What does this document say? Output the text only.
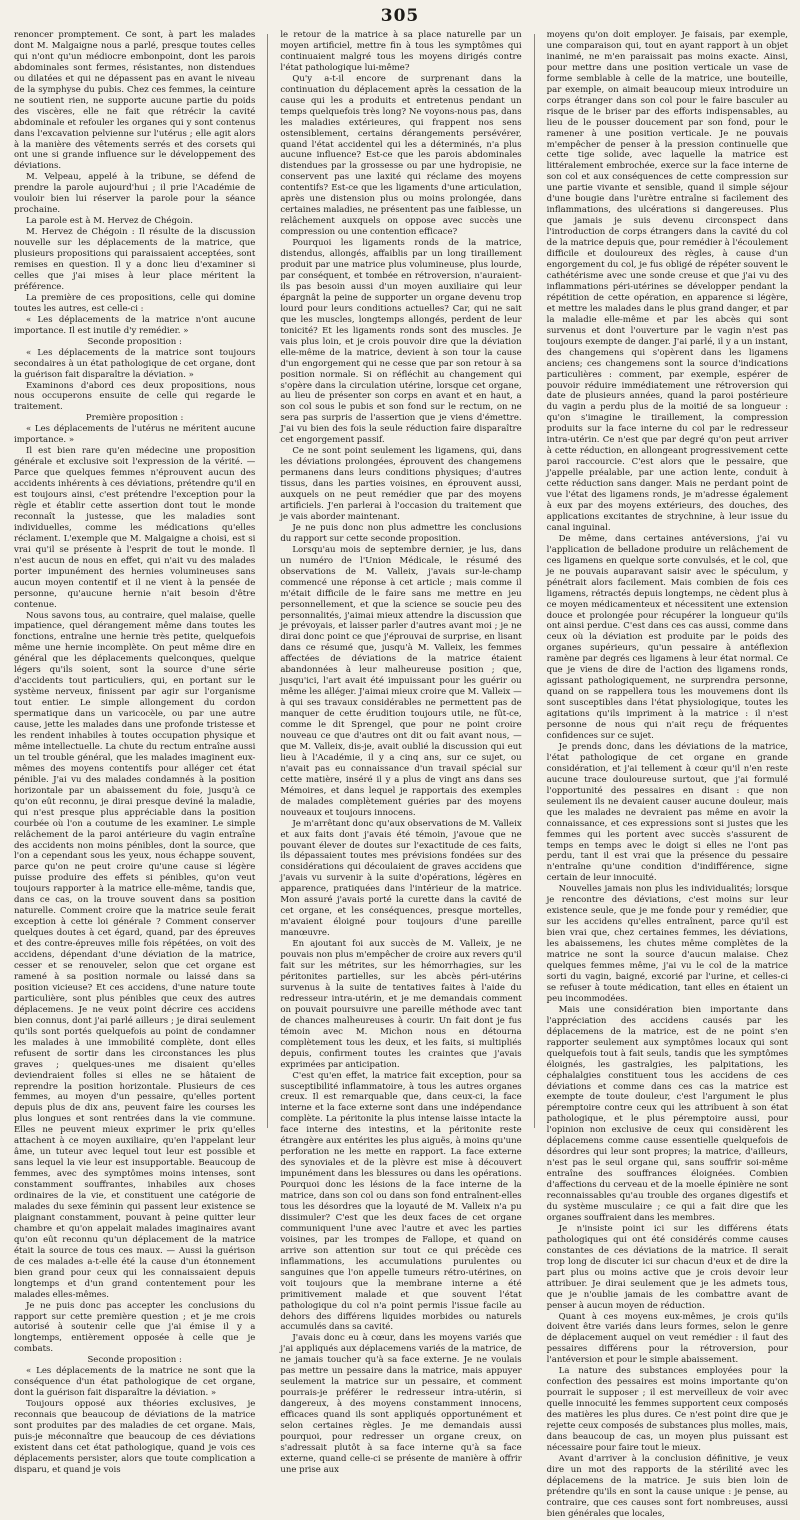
305

renoncer promptement. Ce sont, à part les malades dont M. Malgaigne nous a parlé, presque toutes celles qui n'ont qu'un médiocre embonpoint, dont les parois abdominales sont fermes, résistantes, non distendues ou dilatées et qui ne dépassent pas en avant le niveau de la symphyse du pubis. Chez ces femmes, la ceinture ne soutient rien, ne supporte aucune partie du poids des viscères, elle ne fait que rétrécir la cavité abdominale et refouler les organes qui y sont contenus dans l'excavation pelvienne sur l'utérus ; elle agit alors à la manière des vêtements serrés et des corsets qui ont une si grande influence sur le développement des déviations.

M. Velpeau, appelé à la tribune, se défend de prendre la parole aujourd'hui ; il prie l'Académie de vouloir bien lui réserver la parole pour la séance prochaine.

La parole est à M. Hervez de Chégoin.

M. Hervez de Chégoin : Il résulte de la discussion nouvelle sur les déplacements de la matrice, que plusieurs propositions qui paraissaient acceptées, sont remises en question. Il y a donc lieu d'examiner si celles que j'ai mises à leur place méritent la préférence.

La première de ces propositions, celle qui domine toutes les autres, est celle-ci :

« Les déplacements de la matrice n'ont aucune importance. Il est inutile d'y remédier. »

Seconde proposition :

« Les déplacements de la matrice sont toujours secondaires à un état pathologique de cet organe, dont la guérison fait disparaître la déviation. »

Examinons d'abord ces deux propositions, nous nous occuperons ensuite de celle qui regarde le traitement.

Première proposition :

« Les déplacements de l'utérus ne méritent aucune importance. »

Il est bien rare qu'en médecine une proposition générale et exclusive soit l'expression de la vérité. — Parce que quelques femmes n'éprouvent aucun des accidents inhérents à ces déviations, prétendre qu'il en est toujours ainsi, c'est prétendre l'exception pour la règle et établir cette assertion dont tout le monde reconnaît la justesse, que les maladies sont individuelles, comme les médications qu'elles réclament. L'exemple que M. Malgaigne a choisi, est si vrai qu'il se présente à l'esprit de tout le monde. Il n'est aucun de nous en effet, qui n'ait vu des malades porter impunément des hernies volumineuses sans aucun moyen contentif et il ne vient à la pensée de personne, qu'aucune hernie n'ait besoin d'être contenue.

Nous savons tous, au contraire, quel malaise, quelle impatience, quel dérangement même dans toutes les fonctions, entraîne une hernie très petite, quelquefois même une hernie incomplète. On peut même dire en général que les déplacements quelconques, quelque légers qu'ils soient, sont la source d'une série d'accidents tout particuliers, qui, en portant sur le système nerveux, finissent par agir sur l'organisme tout entier. Le simple allongement du cordon spermatique dans un varicocèle, ou par une autre cause, jette les malades dans une profonde tristesse et les rendent inhabiles à toutes occupation physique et même intellectuelle. La chute du rectum entraîne aussi un tel trouble général, que les malades imaginent eux-mêmes des moyens contentifs pour alléger cet état pénible. J'ai vu des malades condamnés à la position horizontale par un abaissement du foie, jusqu'à ce qu'on eût reconnu, je dirai presque deviné la maladie, qui n'est presque plus appréciable dans la position courbée où l'on a coutume de les examiner. Le simple relâchement de la paroi antérieure du vagin entraîne des accidents non moins pénibles, dont la source, que l'on a cependant sous les yeux, nous échappe souvent, parce qu'on ne peut croire qu'une cause si légère puisse produire des effets si pénibles, qu'on veut toujours rapporter à la matrice elle-même, tandis que, dans ce cas, on la trouve souvent dans sa position naturelle. Comment croire que la matrice seule ferait exception à cette loi générale ? Comment conserver quelques doutes à cet égard, quand, par des épreuves et des contre-épreuves mille fois répétées, on voit des accidens, dépendant d'une déviation de la matrice, cesser et se renouveler, selon que cet organe est ramené à sa position normale ou laissé dans sa position vicieuse? Et ces accidens, d'une nature toute particulière, sont plus pénibles que ceux des autres déplacemens. Je ne veux point décrire ces accidens bien connus, dont j'ai parlé ailleurs ; je dirai seulement qu'ils sont portés quelquefois au point de condamner les malades à une immobilité complète, dont elles refusent de sortir dans les circonstances les plus graves ; quelques-unes me disaient qu'elles deviendraient folles si elles ne se hâtaient de reprendre la position horizontale. Plusieurs de ces femmes, au moyen d'un pessaire, qu'elles portent depuis plus de dix ans, peuvent faire les courses les plus longues et sont rentrées dans la vie commune. Elles ne peuvent mieux exprimer le prix qu'elles attachent à ce moyen auxiliaire, qu'en l'appelant leur âme, un tuteur avec lequel tout leur est possible et sans lequel la vie leur est insupportable. Beaucoup de femmes, avec des symptômes moins intenses, sont constamment souffrantes, inhabiles aux choses ordinaires de la vie, et constituent une catégorie de malades du sexe féminin qui passent leur existence se plaignant constamment, pouvant à peine quitter leur chambre et qu'on appelait malades imaginaires avant qu'on eût reconnu qu'un déplacement de la matrice était la source de tous ces maux. — Aussi la guérison de ces malades a-t-elle été la cause d'un étonnement bien grand pour ceux qui les connaissaient depuis longtemps et d'un grand contentement pour les malades elles-mêmes.

Je ne puis donc pas accepter les conclusions du rapport sur cette première question ; et je me crois autorisé à soutenir celle que j'ai émise il y a longtemps, entièrement opposée à celle que je combats.

Seconde proposition :

« Les déplacements de la matrice ne sont que la conséquence d'un état pathologique de cet organe, dont la guérison fait disparaître la déviation. »

Toujours opposé aux théories exclusives, je reconnais que beaucoup de déviations de la matrice sont produites par des maladies de cet organe. Mais, puis-je méconnaître que beaucoup de ces déviations existent dans cet état pathologique, quand je vois ces déplacements persister, alors que toute complication a disparu, et quand je vois

le retour de la matrice à sa place naturelle par un moyen artificiel, mettre fin à tous les symptômes qui continuaient malgré tous les moyens dirigés contre l'état pathologique lui-même?

Qu'y a-t-il encore de surprenant dans la continuation du déplacement après la cessation de la cause qui les a produits et entretenus pendant un temps quelquefois très long? Ne voyons-nous pas, dans les maladies extérieures, qui frappent nos sens ostensiblement, certains dérangements persévérer, quand l'état accidentel qui les a déterminés, n'a plus aucune influence? Est-ce que les parois abdominales distendues par la grossesse ou par une hydropisie, ne conservent pas une laxité qui réclame des moyens contentifs? Est-ce que les ligaments d'une articulation, après une distension plus ou moins prolongée, dans certaines maladies, ne présentent pas une faiblesse, un relâchement auxquels on oppose avec succès une compression ou une contention efficace?

Pourquoi les ligaments ronds de la matrice, distendus, allongés, affaiblis par un long tiraillement produit par une matrice plus volumineuse, plus lourde, par conséquent, et tombée en rétroversion, n'auraient-ils pas besoin aussi d'un moyen auxiliaire qui leur épargnât la peine de supporter un organe devenu trop lourd pour leurs conditions actuelles? Car, qui ne sait que les muscles, longtemps allongés, perdent de leur tonicité? Et les ligaments ronds sont des muscles. Je vais plus loin, et je crois pouvoir dire que la déviation elle-même de la matrice, devient à son tour la cause d'un engorgement qui ne cesse que par son retour à sa position normale. Si on réfléchit au changement qui s'opère dans la circulation utérine, lorsque cet organe, au lieu de présenter son corps en avant et en haut, a son col sous le pubis et son fond sur le rectum, on ne sera pas surpris de l'assertion que je viens d'émettre. J'ai vu bien des fois la seule réduction faire disparaître cet engorgement passif.

Ce ne sont point seulement les ligamens, qui, dans les déviations prolongées, éprouvent des changemens permanens dans leurs conditions physiques; d'autres tissus, dans les parties voisines, en éprouvent aussi, auxquels on ne peut remédier que par des moyens artificiels. J'en parlerai à l'occasion du traitement que je vais aborder maintenant.

Je ne puis donc non plus admettre les conclusions du rapport sur cette seconde proposition.

Lorsqu'au mois de septembre dernier, je lus, dans un numéro de l'Union Médicale, le résumé des observations de M. Valleix, j'avais sur-le-champ commencé une réponse à cet article ; mais comme il m'était difficile de le faire sans me mettre en jeu personnellement, et que la science se soucie peu des personnalités, j'aimai mieux attendre la discussion que je prévoyais, et laisser parler d'autres avant moi ; je ne dirai donc point ce que j'éprouvai de surprise, en lisant dans ce résumé que, jusqu'à M. Valleix, les femmes affectées de déviations de la matrice étaient abandonnées à leur malheureuse position ; que, jusqu'ici, l'art avait été impuissant pour les guérir ou même les alléger. J'aimai mieux croire que M. Valleix — à qui ses travaux considérables ne permettent pas de manquer de cette érudition toujours utile, ne fût-ce, comme le dit Sprengel, que pour ne point croire nouveau ce que d'autres ont dit ou fait avant nous, — que M. Valleix, dis-je, avait oublié la discussion qui eut lieu à l'Académie, il y a cinq ans, sur ce sujet, ou n'avait pas eu connaissance d'un travail spécial sur cette matière, inséré il y a plus de vingt ans dans ses Mémoires, et dans lequel je rapportais des exemples de malades complètement guéries par des moyens nouveaux et toujours innocens.

Je m'arrêtant donc qu'aux observations de M. Valleix et aux faits dont j'avais été témoin, j'avoue que ne pouvant élever de doutes sur l'exactitude de ces faits, ils dépassaient toutes mes prévisions fondées sur des considérations qui découlaient de graves accidens que j'avais vu survenir à la suite d'opérations, légères en apparence, pratiquées dans l'intérieur de la matrice. Mon assuré j'avais porté la curette dans la cavité de cet organe, et les conséquences, presque mortelles, m'avaient éloigné pour toujours d'une pareille manœuvre.

En ajoutant foi aux succès de M. Valleix, je ne pouvais non plus m'empêcher de croire aux revers qu'il fait sur les métrites, sur les hémorrhagies, sur les péritonites partielles, sur les abcès péri-utérins survenus à la suite de tentatives faites à l'aide du redresseur intra-utérin, et je me demandais comment on pouvait poursuivre une pareille méthode avec tant de chances malheureuses à courir. Un fait dont je fus témoin avec M. Michon nous en détourna complètement tous les deux, et les faits, si multipliés depuis, confirment toutes les craintes que j'avais exprimées par anticipation.

C'est qu'en effet, la matrice fait exception, pour sa susceptibilité inflammatoire, à tous les autres organes creux. Il est remarquable que, dans ceux-ci, la face interne et la face externe sont dans une indépendance complète. La péritonite la plus intense laisse intacte la face interne des intestins, et la péritonite reste étrangère aux entérites les plus aiguës, à moins qu'une perforation ne les mette en rapport. La face externe des synoviales et de la plèvre est mise à découvert impunément dans les blessures ou dans les opérations. Pourquoi donc les lésions de la face interne de la matrice, dans son col ou dans son fond entraînent-elles tous les désordres que la loyauté de M. Valleix n'a pu dissimuler? C'est que les deux faces de cet organe communiquent l'une avec l'autre et avec les parties voisines, par les trompes de Fallope, et quand on arrive son attention sur tout ce qui précède ces inflammations, les accumulations purulentes ou sanguines que l'on appelle tumeurs rétro-utérines, on voit toujours que la membrane interne a été primitivement malade et que souvent l'état pathologique du col n'a point permis l'issue facile au dehors des différens liquides morbides ou naturels accumulés dans sa cavité.

J'avais donc eu à cœur, dans les moyens variés que j'ai appliqués aux déplacemens variés de la matrice, de ne jamais toucher qu'à sa face externe. Je ne voulais pas mettre un pessaire dans la matrice, mais appuyer seulement la matrice sur un pessaire, et comment pourrais-je préférer le redresseur intra-utérin, si dangereux, à des moyens constamment innocens, efficaces quand ils sont appliqués opportunément et selon certaines règles. Je me demandais aussi pourquoi, pour redresser un organe creux, on s'adressait plutôt à sa face interne qu'à sa face externe, quand celle-ci se présente de manière à offrir une prise aux

moyens qu'on doit employer. Je faisais, par exemple, une comparaison qui, tout en ayant rapport à un objet inanimé, ne m'en paraissait pas moins exacte. Ainsi, pour mettre dans une position verticale un vase de forme semblable à celle de la matrice, une bouteille, par exemple, on aimait beaucoup mieux introduire un corps étranger dans son col pour le faire basculer au risque de le briser par des efforts indispensables, au lieu de le pousser doucement par son fond, pour le ramener à une position verticale. Je ne pouvais m'empêcher de penser à la pression continuelle que cette tige solide, avec laquelle la matrice est littéralement embrochée, exerce sur la face interne de son col et aux conséquences de cette compression sur une partie vivante et sensible, quand il simple séjour d'une bougie dans l'urètre entraîne si facilement des inflammations, des ulcérations si dangereuses. Plus que jamais je suis devenu circonspect dans l'introduction de corps étrangers dans la cavité du col de la matrice depuis que, pour remédier à l'écoulement difficile et douloureux des règles, à cause d'un engorgement du col, je fus obligé de répéter souvent le cathétérisme avec une sonde creuse et que j'ai vu des inflammations péri-utérines se développer pendant la répétition de cette opération, en apparence si légère, et mettre les malades dans le plus grand danger, et par la maladie elle-même et par les abcès qui sont survenus et dont l'ouverture par le vagin n'est pas toujours exempte de danger. J'ai parlé, il y a un instant, des changemens qui s'opèrent dans les ligamens anciens; ces changemens sont la source d'indications particulières : comment, par exemple, espérer de pouvoir réduire immédiatement une rétroversion qui date de plusieurs années, quand la paroi postérieure du vagin a perdu plus de la moitié de sa longueur : qu'on s'imagine le tiraillement, la compression produits sur la face interne du col par le redresseur intra-utérin. Ce n'est que par degré qu'on peut arriver à cette réduction, en allongeant progressivement cette paroi raccourcie. C'est alors que le pessaire, que j'appelle préalable, par une action lente, conduit à cette réduction sans danger. Mais ne perdant point de vue l'état des ligamens ronds, je m'adresse également à eux par des moyens extérieurs, des douches, des applications excitantes de strychnine, à leur issue du canal inguinal.

De même, dans certaines antéversions, j'ai vu l'application de belladone produire un relâchement de ces ligamens en quelque sorte convulsés, et le col, que je ne pouvais auparavant saisir avec le spéculum, y pénétrait alors facilement. Mais combien de fois ces ligamens, rétractés depuis longtemps, ne cèdent plus à ce moyen médicamenteux et nécessitent une extension douce et prolongée pour récupérer la longueur qu'ils ont ainsi perdue. C'est dans ces cas aussi, comme dans ceux où la déviation est produite par le poids des organes supérieurs, qu'un pessaire à antéflexion ramène par degrés ces ligamens à leur état normal. Ce que je viens de dire de l'action des ligamens ronds, agissant pathologiquement, ne surprendra personne, quand on se rappellera tous les mouvemens dont ils sont susceptibles dans l'état physiologique, toutes les agitations qu'ils impriment à la matrice : il n'est personne de nous qui n'ait reçu de fréquentes confidences sur ce sujet.

Je prends donc, dans les déviations de la matrice, l'état pathologique de cet organe en grande considération, et j'ai tellement à cœur qu'il n'en reste aucune trace douloureuse surtout, que j'ai formulé l'opportunité des pessaires en disant : que non seulement ils ne devaient causer aucune douleur, mais que les malades ne devraient pas même en avoir la connaissance, et ces expressions sont si justes que les femmes qui les portent avec succès s'assurent de temps en temps avec le doigt si elles ne l'ont pas perdu, tant il est vrai que la présence du pessaire n'entraîne qu'une condition d'indifférence, signe certain de leur innocuité.

Nouvelles jamais non plus les individualités; lorsque je rencontre des déviations, c'est moins sur leur existence seule, que je me fonde pour y remédier, que sur les accidens qu'elles entraînent, parce qu'il est bien vrai que, chez certaines femmes, les déviations, les abaissemens, les chutes même complètes de la matrice ne sont la source d'aucun malaise. Chez quelques femmes même, j'ai vu le col de la matrice sorti du vagin, baigné, excorié par l'urine, et celles-ci se refuser à toute médication, tant elles en étaient un peu incommodées.

Mais une considération bien importante dans l'appréciation des accidens causés par les déplacemens de la matrice, est de ne point s'en rapporter seulement aux symptômes locaux qui sont quelquefois tout à fait seuls, tandis que les symptômes éloignés, les gastralgies, les palpitations, les céphalalgies constituent tous les accidens de ces déviations et comme dans ces cas la matrice est exempte de toute douleur, c'est l'argument le plus péremptoire contre ceux qui les attribuent à son état pathologique, et le plus péremptoire aussi, pour l'opinion non exclusive de ceux qui considèrent les déplacemens comme cause essentielle quelquefois de désordres qui leur sont propres; la matrice, d'ailleurs, n'est pas le seul organe qui, sans souffrir soi-même entraîne des souffrances éloignées. Combien d'affections du cerveau et de la moelle épinière ne sont reconnaissables qu'au trouble des organes digestifs et du système musculaire ; ce qui a fait dire que les organes souffraient dans les membres.

Je n'insiste point ici sur les différens états pathologiques qui ont été considérés comme causes constantes de ces déviations de la matrice. Il serait trop long de discuter ici sur chacun d'eux et de dire la part plus ou moins active que je crois devoir leur attribuer. Je dirai seulement que je les admets tous, que je n'oublie jamais de les combattre avant de penser à aucun moyen de réduction.

Quant à ces moyens eux-mêmes, je crois qu'ils doivent être variés dans leurs formes, selon le genre de déplacement auquel on veut remédier : il faut des pessaires différens pour la rétroversion, pour l'antéversion et pour le simple abaissement.

La nature des substances employées pour la confection des pessaires est moins importante qu'on pourrait le supposer ; il est merveilleux de voir avec quelle innocuité les femmes supportent ceux composés des matières les plus dures. Ce n'est point dire que je rejette ceux composés de substances plus molles, mais, dans beaucoup de cas, un moyen plus puissant est nécessaire pour faire tout le mieux.

Avant d'arriver à la conclusion définitive, je veux dire un mot des rapports de la stérilité avec les déplacemens de la matrice. Je suis bien loin de prétendre qu'ils en sont la cause unique : je pense, au contraire, que ces causes sont fort nombreuses, aussi bien générales que locales,
